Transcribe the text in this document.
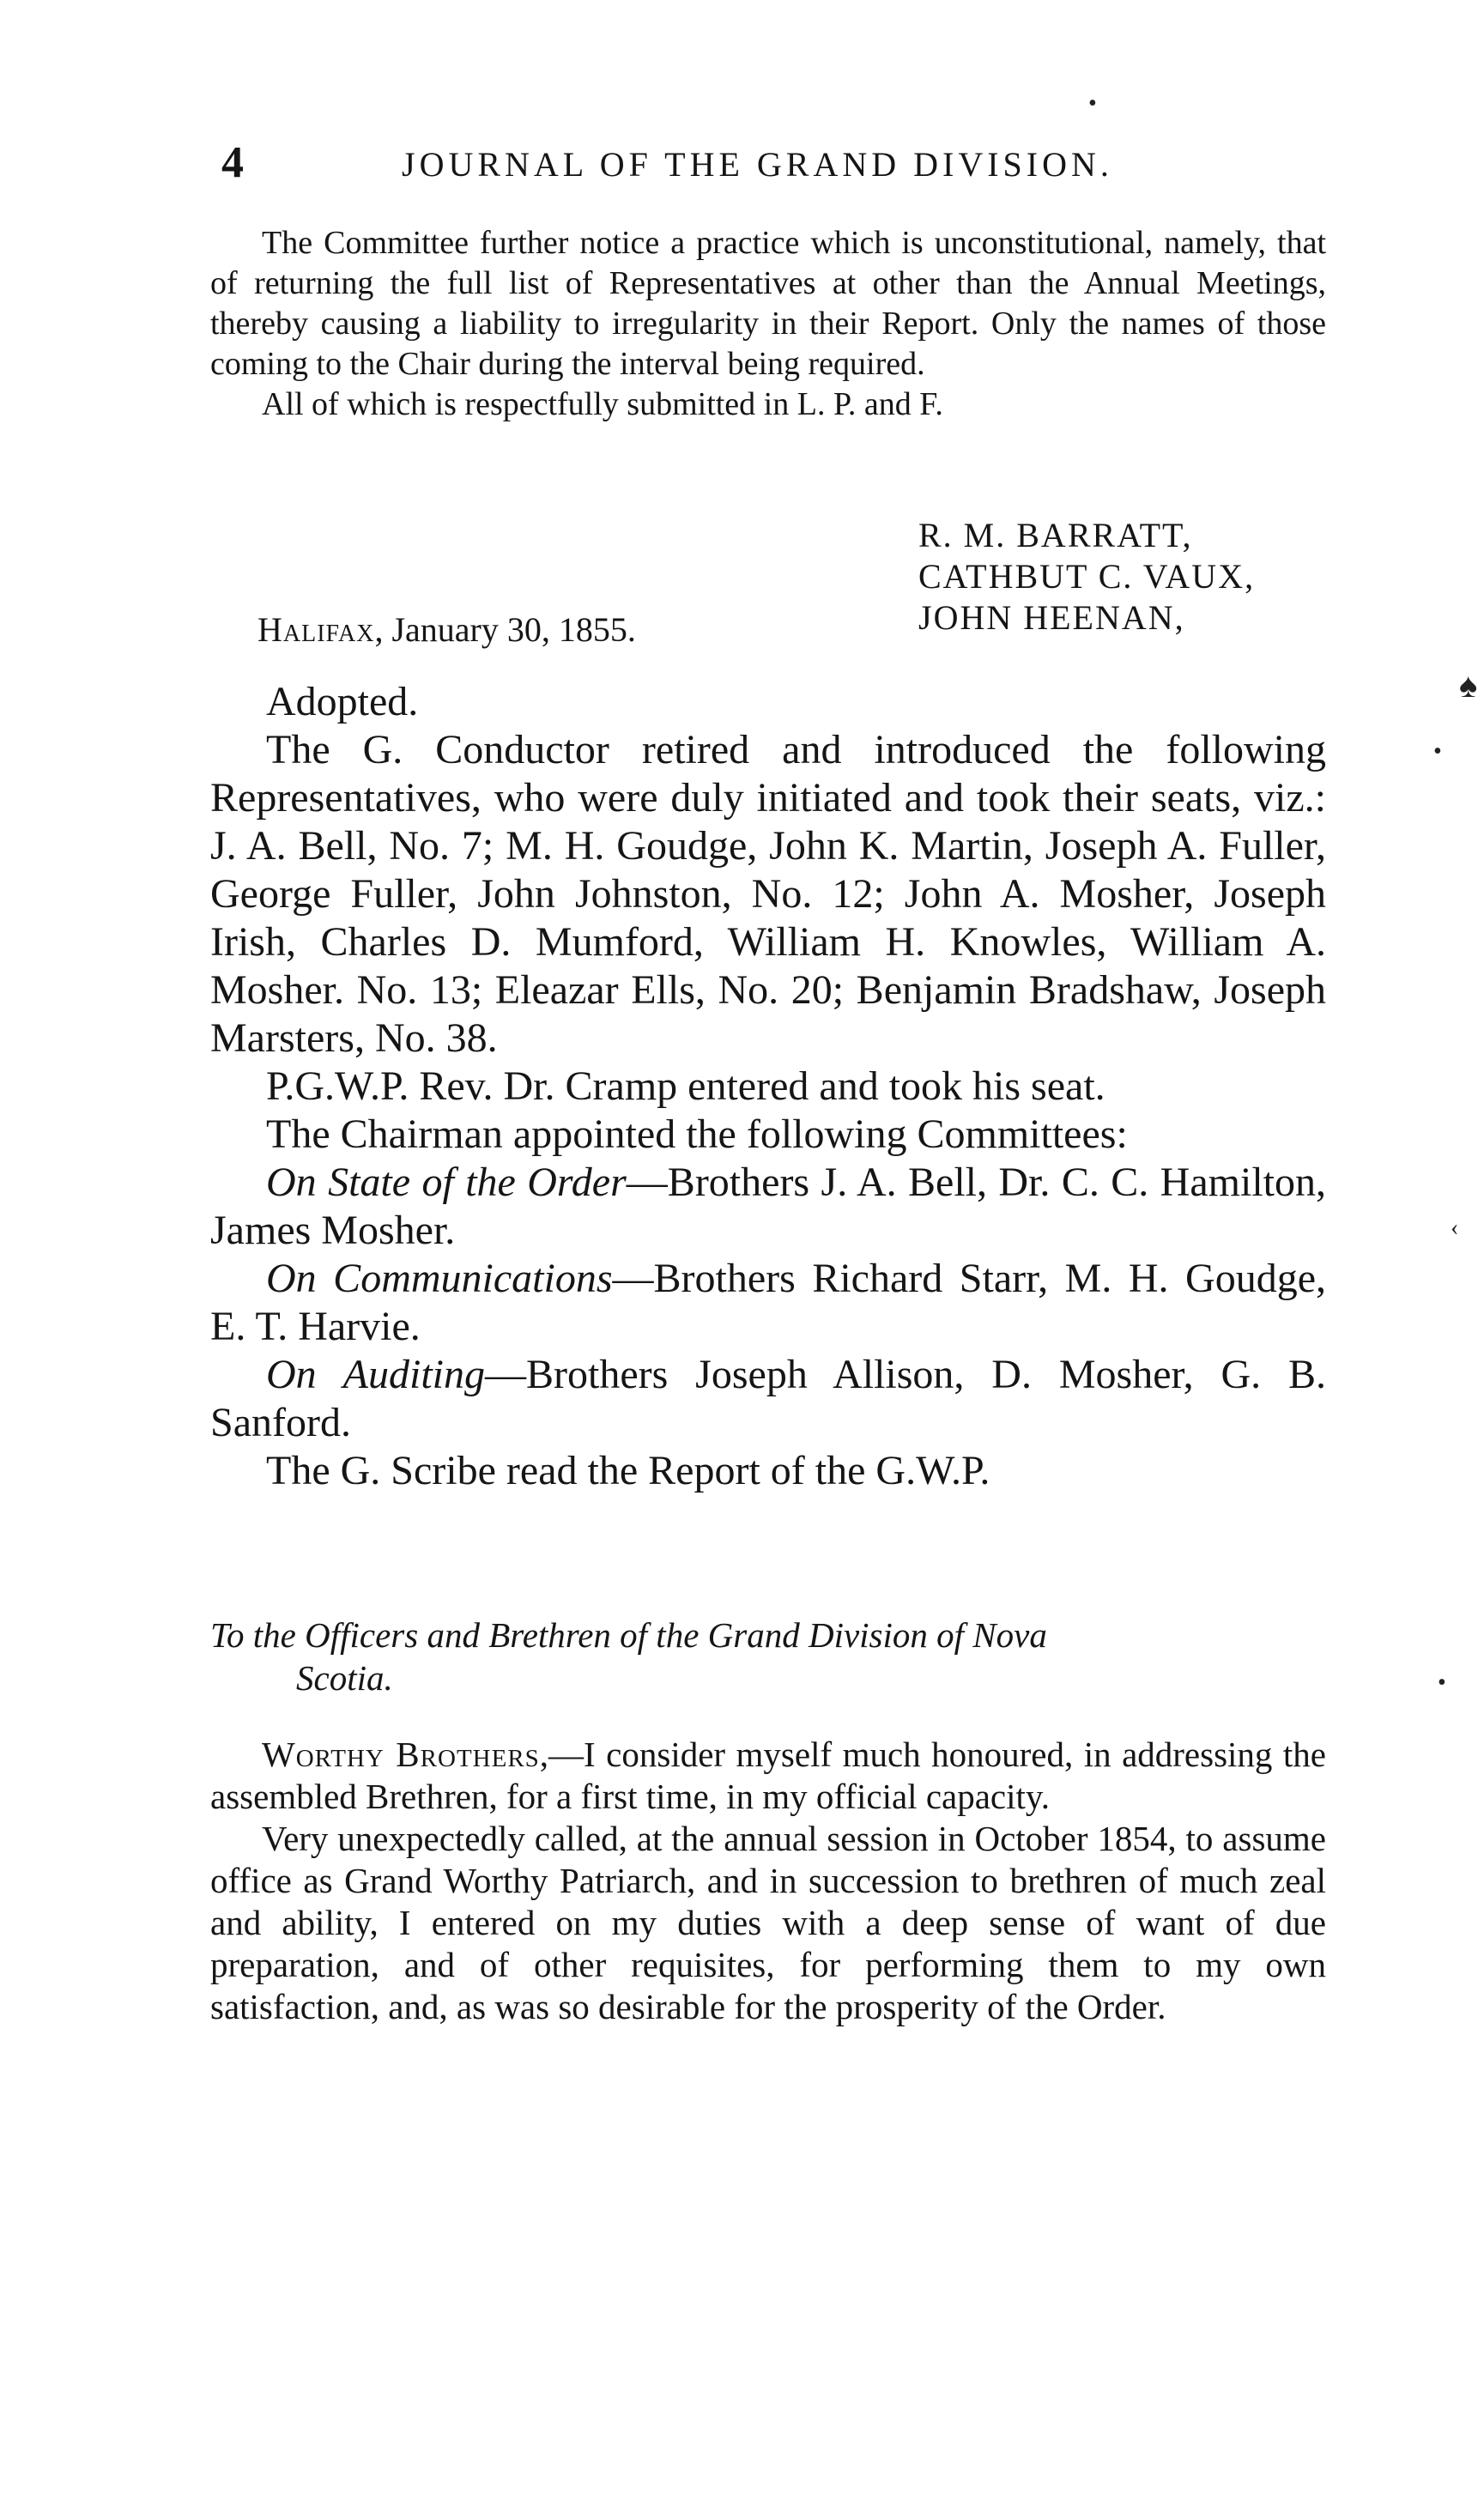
•
♠
•
‹
•
4	JOURNAL OF THE GRAND DIVISION.

The Committee further notice a practice which is unconstitutional, namely, that of returning the full list of Representatives at other than the Annual Meetings, thereby causing a liability to irregularity in their Report. Only the names of those coming to the Chair during the interval being required.

All of which is respectfully submitted in L. P. and F.

R. M. BARRATT,
CATHBUT C. VAUX,
JOHN HEENAN,
Halifax, January 30, 1855.

Adopted.

The G. Conductor retired and introduced the following Representatives, who were duly initiated and took their seats, viz.: J. A. Bell, No. 7; M. H. Goudge, John K. Martin, Joseph A. Fuller, George Fuller, John Johnston, No. 12; John A. Mosher, Joseph Irish, Charles D. Mumford, William H. Knowles, William A. Mosher. No. 13; Eleazar Ells, No. 20; Benjamin Bradshaw, Joseph Marsters, No. 38.

P.G.W.P. Rev. Dr. Cramp entered and took his seat.

The Chairman appointed the following Committees:

On State of the Order—Brothers J. A. Bell, Dr. C. C. Hamilton, James Mosher.

On Communications—Brothers Richard Starr, M. H. Goudge, E. T. Harvie.

On Auditing—Brothers Joseph Allison, D. Mosher, G. B. Sanford.

The G. Scribe read the Report of the G.W.P.

To the Officers and Brethren of the Grand Division of Nova
Scotia.

Worthy Brothers,—I consider myself much honoured, in addressing the assembled Brethren, for a first time, in my official capacity.

Very unexpectedly called, at the annual session in October 1854, to assume office as Grand Worthy Patriarch, and in succession to brethren of much zeal and ability, I entered on my duties with a deep sense of want of due preparation, and of other requisites, for performing them to my own satisfaction, and, as was so desirable for the prosperity of the Order.
